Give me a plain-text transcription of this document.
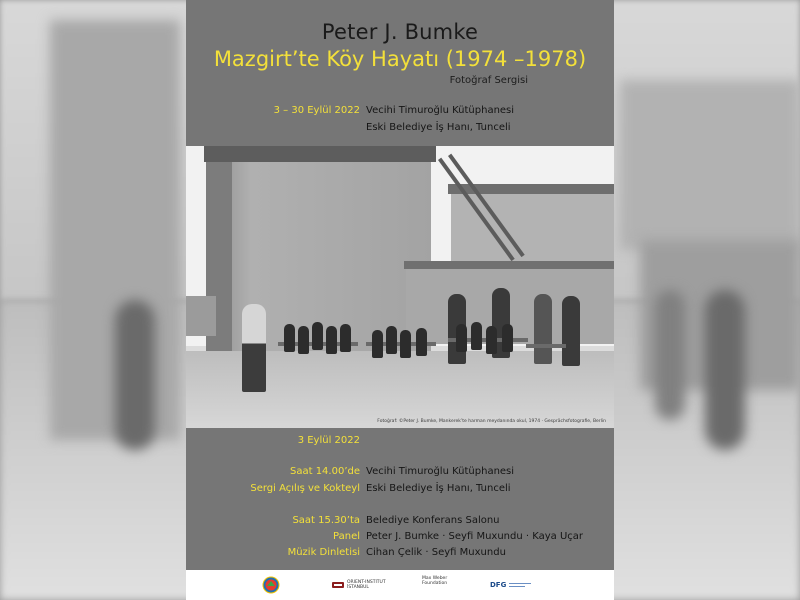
Peter J. Bumke
Mazgirt’te Köy Hayatı (1974 –1978)
Fotoğraf Sergisi
3 – 30 Eylül 2022 Vecihi Timuroğlu Kütüphanesi
Eski Belediye İş Hanı, Tunceli
Fotoğraf: ©Peter J. Bumke, Mankerek’te harman meydanında okul, 1974 · Gesprächsfotografie, Berlin
3 Eylül 2022
Saat 14.00’de Vecihi Timuroğlu Kütüphanesi
Sergi Açılış ve Kokteyl Eski Belediye İş Hanı, Tunceli
Saat 15.30’ta Belediye Konferans Salonu
Panel Peter J. Bumke · Seyfi Muxundu · Kaya Uçar
Müzik Dinletisi Cihan Çelik · Seyfi Muxundu
ORIENT-INSTITUT
İSTANBUL
Max Weber
Foundation	DFG
